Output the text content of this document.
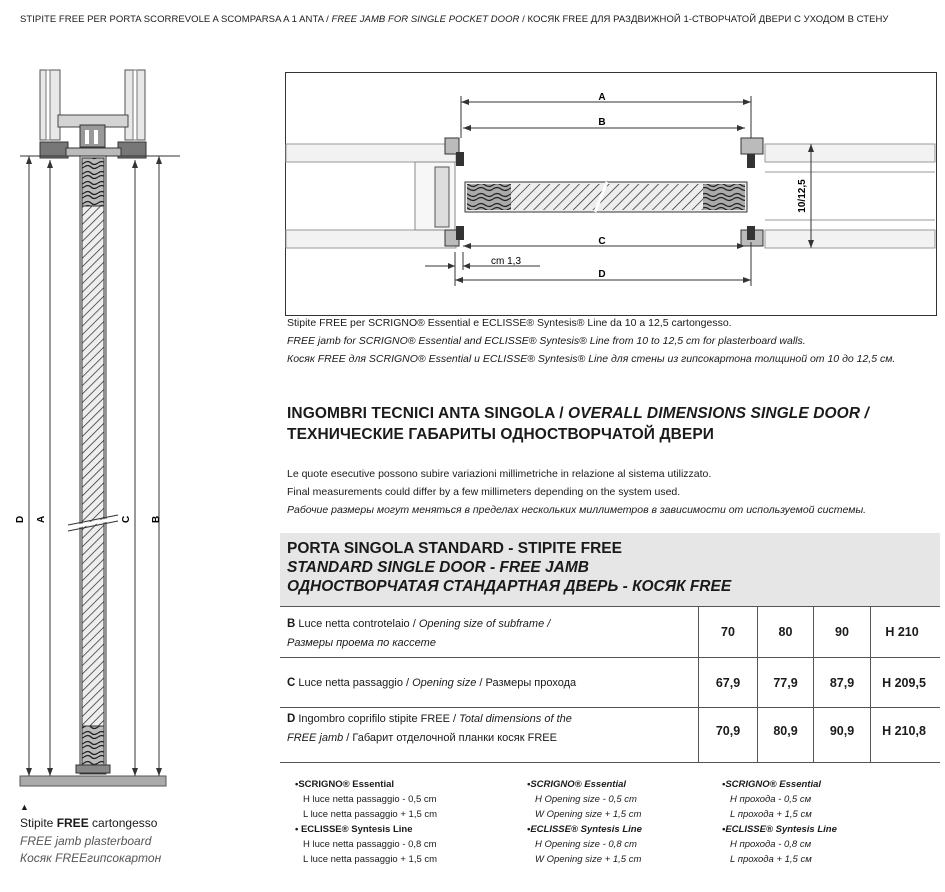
STIPITE FREE PER PORTA SCORREVOLE A SCOMPARSA A 1 ANTA / FREE JAMB FOR SINGLE POCKET DOOR / КОСЯК FREE ДЛЯ РАЗДВИЖНОЙ 1-СТВОРЧАТОЙ ДВЕРИ С УХОДОМ В СТЕНУ
D A	C B
▲
Stipite FREE cartongesso
FREE jamb plasterboard
Косяк FREEгипсокартон
A
B
C
D
cm 1,3
10/12,5
Stipite FREE per SCRIGNO® Essential e ECLISSE® Syntesis® Line da 10 a 12,5 cartongesso.
FREE jamb for SCRIGNO® Essential and ECLISSE® Syntesis® Line from 10 to 12,5 cm for plasterboard walls.
Косяк FREE для SCRIGNO® Essential и ECLISSE® Syntesis® Line для стены из гипсокартона толщиной от 10 до 12,5 см.
INGOMBRI TECNICI ANTA SINGOLA / OVERALL DIMENSIONS SINGLE DOOR /
ТЕХНИЧЕСКИЕ ГАБАРИТЫ ОДНОСТВОРЧАТОЙ ДВЕРИ
Le quote esecutive possono subire variazioni millimetriche in relazione al sistema utilizzato.
Final measurements could differ by a few millimeters depending on the system used.
Рабочие размеры могут меняться в пределах нескольких миллиметров в зависимости от используемой системы.
PORTA SINGOLA STANDARD - STIPITE FREE
STANDARD SINGLE DOOR - FREE JAMB
ОДНОСТВОРЧАТАЯ СТАНДАРТНАЯ ДВЕРЬ - КОСЯК FREE
B Luce netta controtelaio / Opening size of subframe /
Размеры проема по кассете
70	80	90	H 210
C Luce netta passaggio / Opening size / Размеры прохода	67,9	77,9	87,9	H 209,5
D Ingombro coprifilo stipite FREE / Total dimensions of the
FREE jamb / Габарит отделочной планки косяк FREE	70,9	80,9	90,9	H 210,8
•SCRIGNO® Essential
H luce netta passaggio - 0,5 cm
L luce netta passaggio + 1,5 cm
• ECLISSE® Syntesis Line
H luce netta passaggio - 0,8 cm
L luce netta passaggio + 1,5 cm
•SCRIGNO® Essential
H Opening size - 0,5 cm
W Opening size + 1,5 cm
•ECLISSE® Syntesis Line
H Opening size - 0,8 cm
W Opening size + 1,5 cm
•SCRIGNO® Essential
H прохода - 0,5 см
L прохода + 1,5 см
•ECLISSE® Syntesis Line
H прохода - 0,8 см
L прохода + 1,5 см
